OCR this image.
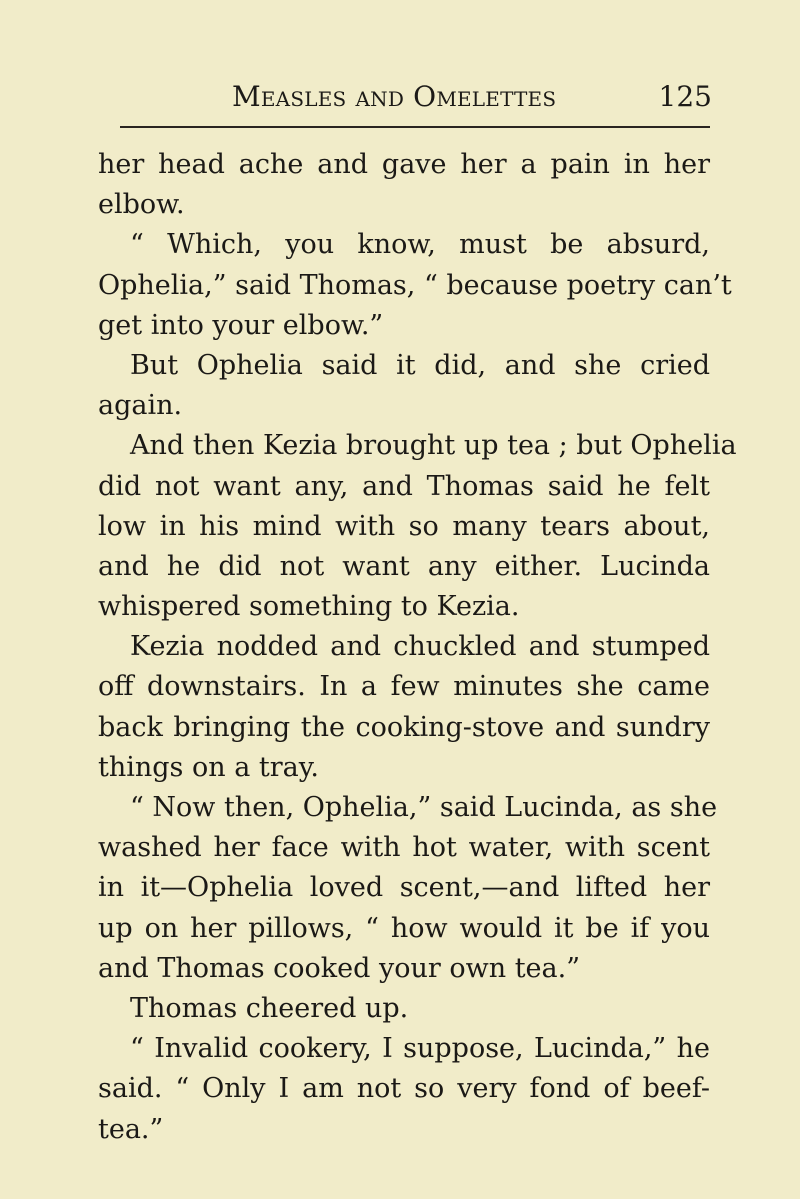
Measles and Omelettes	125
her head ache and gave her a pain in her
elbow.
“ Which, you know, must be absurd,
Ophelia,” said Thomas, “ because poetry can’t
get into your elbow.”
But Ophelia said it did, and she cried
again.
And then Kezia brought up tea ; but Ophelia
did not want any, and Thomas said he felt
low in his mind with so many tears about,
and he did not want any either. Lucinda
whispered something to Kezia.
Kezia nodded and chuckled and stumped
off downstairs. In a few minutes she came
back bringing the cooking-stove and sundry
things on a tray.
“ Now then, Ophelia,” said Lucinda, as she
washed her face with hot water, with scent
in it—Ophelia loved scent,—and lifted her
up on her pillows, “ how would it be if you
and Thomas cooked your own tea.”
Thomas cheered up.
“ Invalid cookery, I suppose, Lucinda,” he
said. “ Only I am not so very fond of beef-
tea.”
